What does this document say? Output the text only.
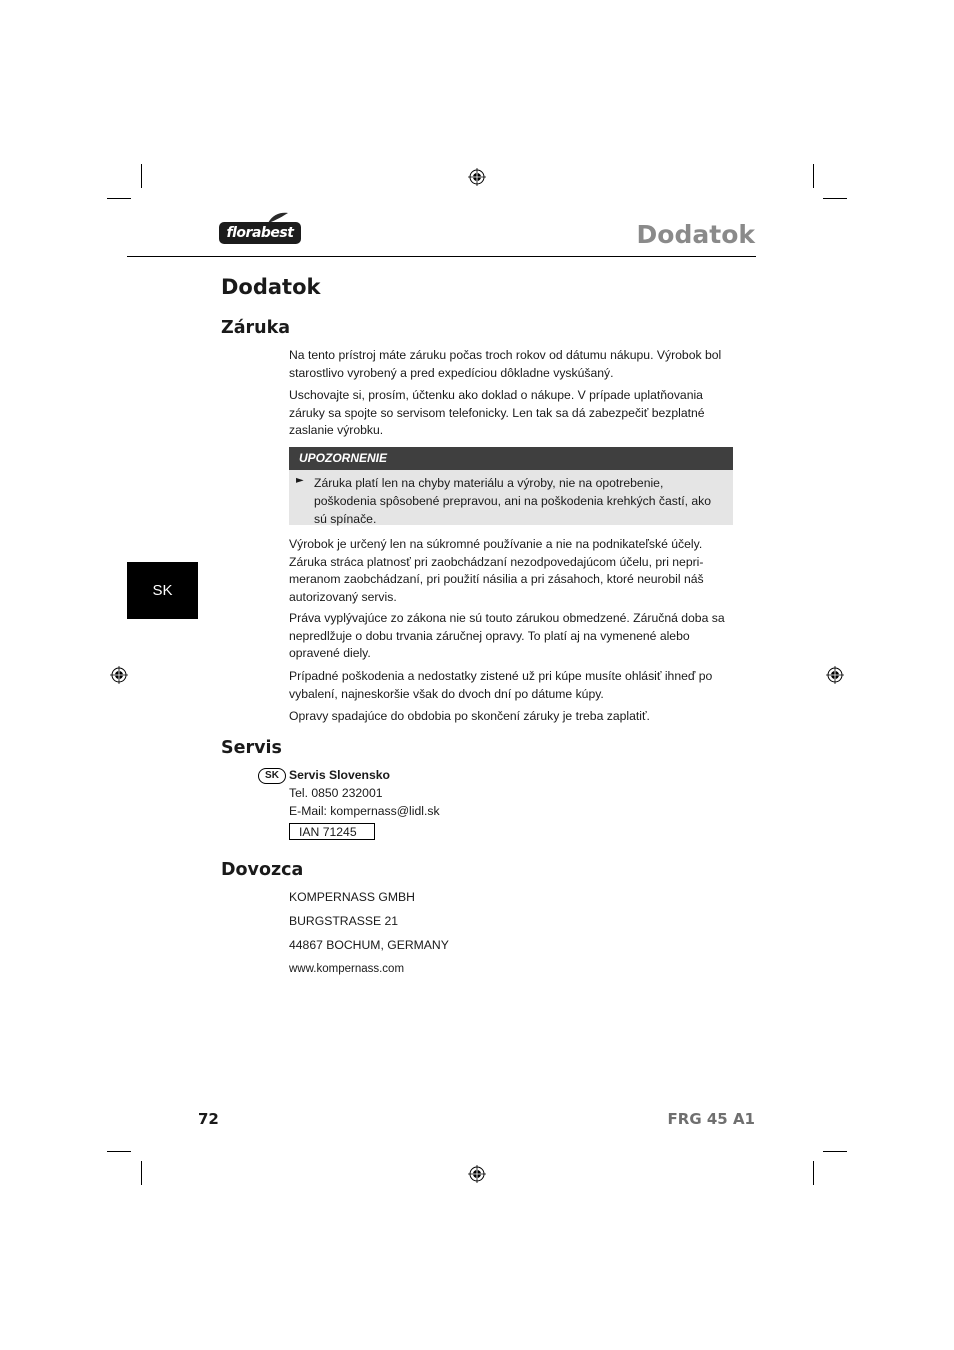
florabest	Dodatok
SK
Dodatok
Záruka

Na tento prístroj máte záruku počas troch rokov od dátumu nákupu. Výrobok bol starostlivo vyrobený a pred expedíciou dôkladne vyskúšaný.

Uschovajte si, prosím, účtenku ako doklad o nákupe. V prípade uplatňovania záruky sa spojte so servisom telefonicky. Len tak sa dá zabezpečiť bezplatné zaslanie výrobku.

UPOZORNENIE
► Záruka platí len na chyby materiálu a výroby, nie na opotrebenie, poškodenia spôsobené prepravou, ani na poškodenia krehkých častí, ako sú spínače.

Výrobok je určený len na súkromné používanie a nie na podnikateľské účely. Záruka stráca platnosť pri zaobchádzaní nezodpovedajúcom účelu, pri neprimeranom zaobchádzaní, pri použití násilia a pri zásahoch, ktoré neurobil náš autorizovaný servis.

Práva vyplývajúce zo zákona nie sú touto zárukou obmedzené. Záručná doba sa nepredlžuje o dobu trvania záručnej opravy. To platí aj na vymenené alebo opravené diely.

Prípadné poškodenia a nedostatky zistené už pri kúpe musíte ohlásiť ihneď po vybalení, najneskoršie však do dvoch dní po dátume kúpy.

Opravy spadajúce do obdobia po skončení záruky je treba zaplatiť.

Servis
SK Servis Slovensko
Tel. 0850 232001
E-Mail: kompernass@lidl.sk
IAN 71245
Dovozca
KOMPERNASS GMBH
BURGSTRASSE 21
44867 BOCHUM, GERMANY
www.kompernass.com
72	FRG 45 A1
